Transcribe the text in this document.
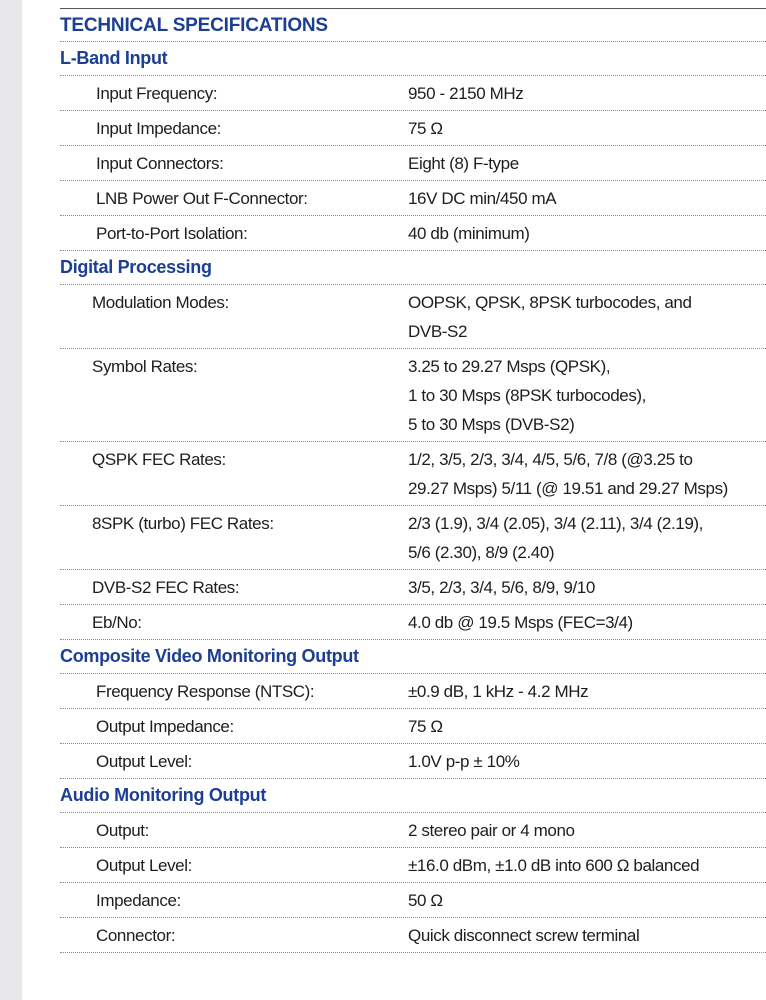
TECHNICAL SPECIFICATIONS
L-Band Input
Input Frequency:	950 - 2150 MHz
Input Impedance:	75 Ω
Input Connectors:	Eight (8) F-type
LNB Power Out F-Connector:	16V DC min/450 mA
Port-to-Port Isolation:	40 db (minimum)
Digital Processing
Modulation Modes:	OOPSK, QPSK, 8PSK turbocodes, and
DVB-S2
Symbol Rates:	3.25 to 29.27 Msps (QPSK),
1 to 30 Msps (8PSK turbocodes),
5 to 30 Msps (DVB-S2)
QSPK FEC Rates:	1/2, 3/5, 2/3, 3/4, 4/5, 5/6, 7/8 (@3.25 to
29.27 Msps) 5/11 (@ 19.51 and 29.27 Msps)
8SPK (turbo) FEC Rates:	2/3 (1.9), 3/4 (2.05), 3/4 (2.11), 3/4 (2.19),
5/6 (2.30), 8/9 (2.40)
DVB-S2 FEC Rates:	3/5, 2/3, 3/4, 5/6, 8/9, 9/10
Eb/No:	4.0 db @ 19.5 Msps (FEC=3/4)
Composite Video Monitoring Output
Frequency Response (NTSC):	±0.9 dB, 1 kHz - 4.2 MHz
Output Impedance:	75 Ω
Output Level:	1.0V p-p ± 10%
Audio Monitoring Output
Output:	2 stereo pair or 4 mono
Output Level:	±16.0 dBm, ±1.0 dB into 600 Ω balanced
Impedance:	50 Ω
Connector:	Quick disconnect screw terminal
